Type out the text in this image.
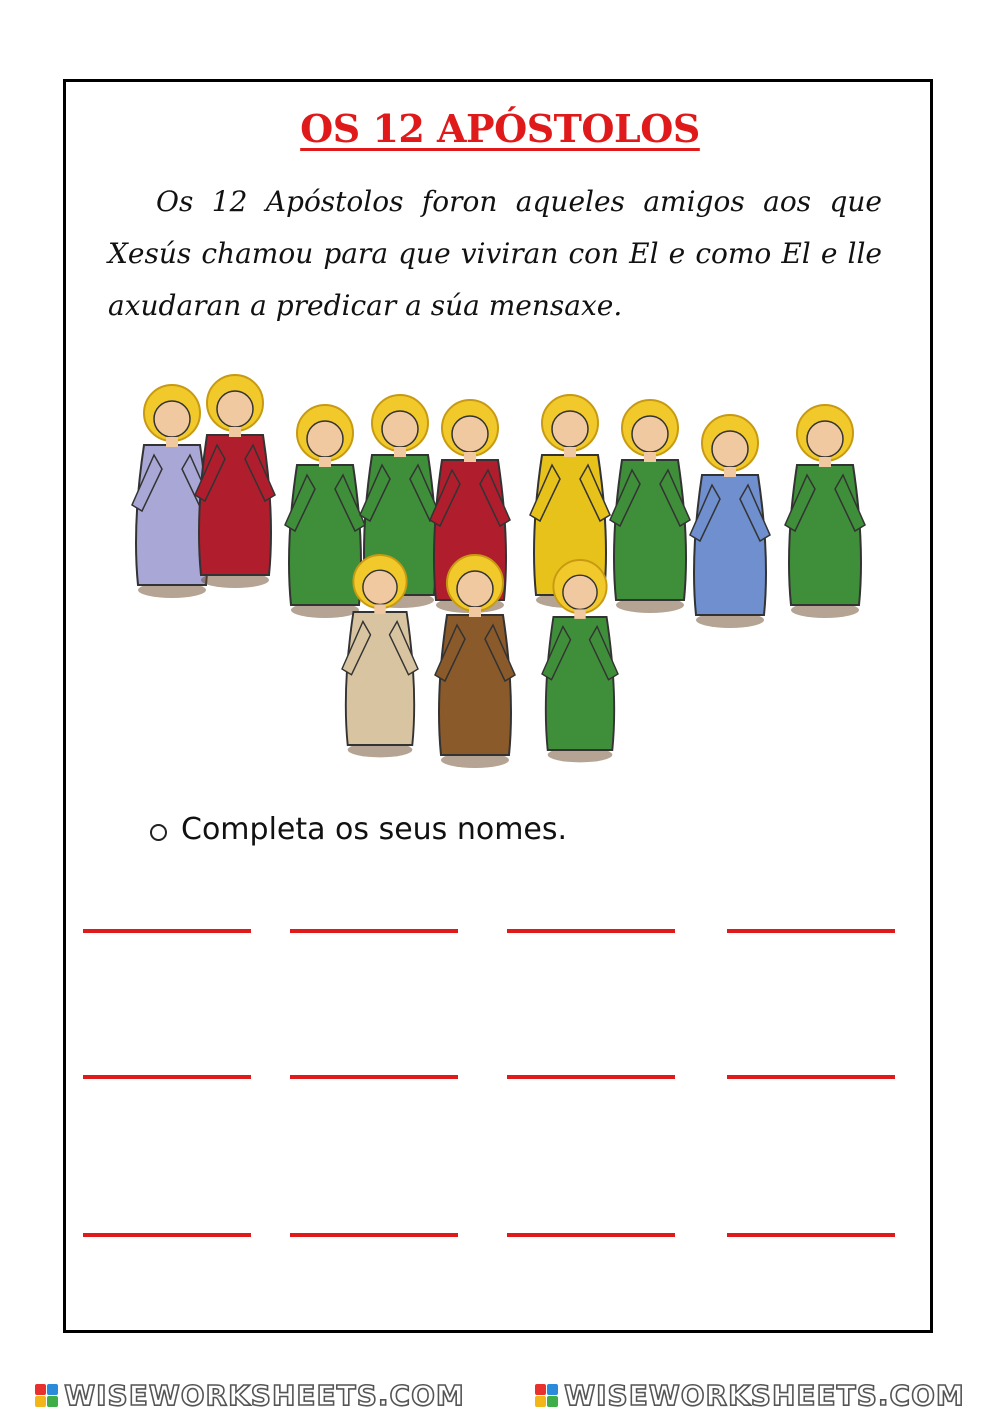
OS 12 APÓSTOLOS
Os 12 Apóstolos foron aqueles amigos aos que Xesús chamou para que viviran con El e como El e lle axudaran a predicar a súa mensaxe.
Completa os seus nomes.
WISEWORKSHEETS.COM	WISEWORKSHEETS.COM
